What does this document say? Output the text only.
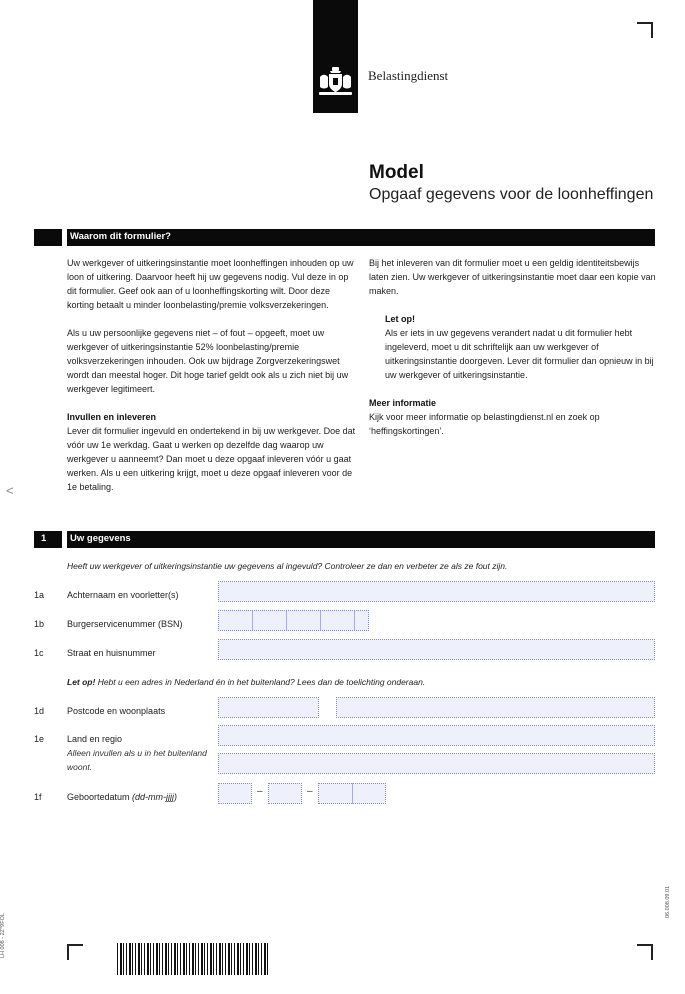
Belastingdienst
Model
Opgaaf gegevens voor de loonheffingen
Waarom dit formulier?

Uw werkgever of uitkeringsinstantie moet loonheffingen inhouden op uw loon of uitkering. Daarvoor heeft hij uw gegevens nodig. Vul deze in op dit formulier. Geef ook aan of u loonheffingskorting wilt. Door deze korting betaalt u minder loonbelasting/premie volksverzekeringen.

Als u uw persoonlijke gegevens niet – of fout – opgeeft, moet uw werkgever of uitkeringsinstantie 52% loonbelasting/premie volksverzekeringen inhouden. Ook uw bijdrage Zorgverzekeringswet wordt dan meestal hoger. Dit hoge tarief geldt ook als u zich niet bij uw werkgever legitimeert.

Invullen en inleveren
Lever dit formulier ingevuld en ondertekend in bij uw werkgever. Doe dat vóór uw 1e werkdag. Gaat u werken op dezelfde dag waarop uw werkgever u aanneemt? Dan moet u deze opgaaf inleveren vóór u gaat werken. Als u een uitkering krijgt, moet u deze opgaaf inleveren voor de 1e betaling.

Bij het inleveren van dit formulier moet u een geldig identiteitsbewijs laten zien. Uw werkgever of uitkeringsinstantie moet daar een kopie van maken.

Let op!

Als er iets in uw gegevens verandert nadat u dit formulier hebt ingeleverd, moet u dit schriftelijk aan uw werkgever of uitkeringsinstantie doorgeven. Lever dit formulier dan opnieuw in bij uw werkgever of uitkeringsinstantie.

Meer informatie
Kijk voor meer informatie op belastingdienst.nl en zoek op ‘heffingskortingen’.
<
1 Uw gegevens
Heeft uw werkgever of uitkeringsinstantie uw gegevens al ingevuld? Controleer ze dan en verbeter ze als ze fout zijn.
1a	Achternaam en voorletter(s)
1b	Burgerservicenummer (BSN)
1c	Straat en huisnummer
Let op! Hebt u een adres in Nederland én in het buitenland? Lees dan de toelichting onderaan.
1d	Postcode en woonplaats
1e	Land en regio
Alleen invullen als u in het buitenland woont.
1f	Geboortedatum (dd-mm-jjjj)	–	–
LH 008 - 2Z*9FOL
06.008.09.01
